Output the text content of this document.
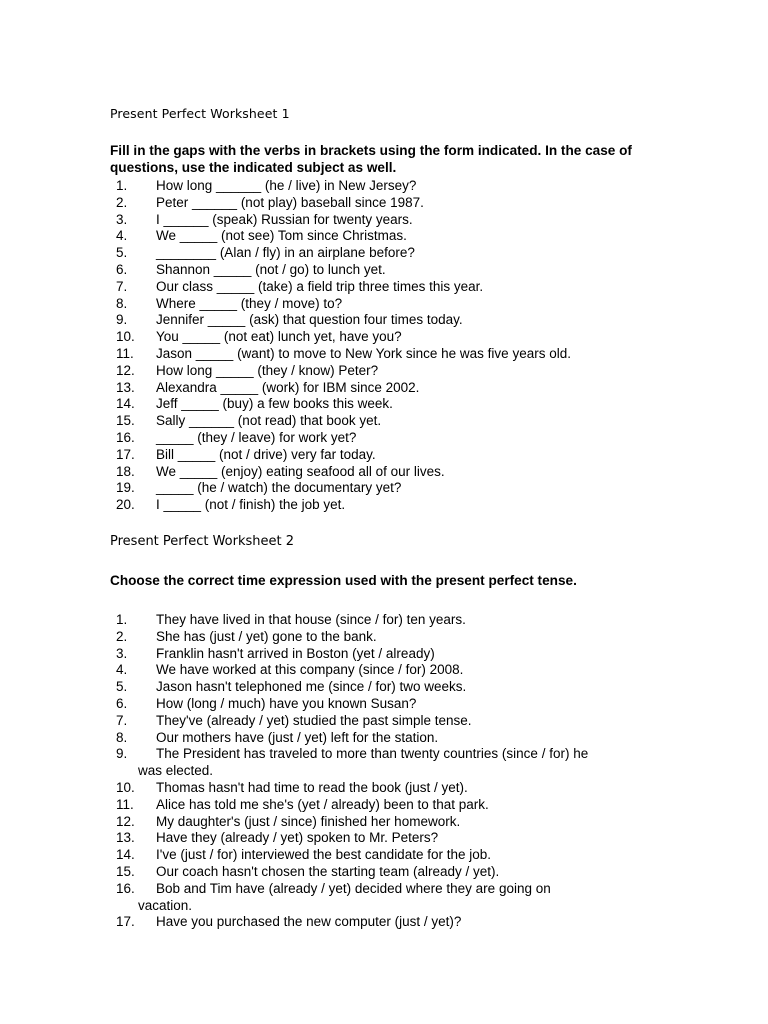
Present Perfect Worksheet 1
Fill in the gaps with the verbs in brackets using the form indicated. In the case of questions, use the indicated subject as well.
1. How long ______ (he / live) in New Jersey?
2. Peter ______ (not play) baseball since 1987.
3. I ______ (speak) Russian for twenty years.
4. We _____ (not see) Tom since Christmas.
5. ________ (Alan / fly) in an airplane before?
6. Shannon _____ (not / go) to lunch yet.
7. Our class _____ (take) a field trip three times this year.
8. Where _____ (they / move) to?
9. Jennifer _____ (ask) that question four times today.
10. You _____ (not eat) lunch yet, have you?
11. Jason _____ (want) to move to New York since he was five years old.
12. How long _____ (they / know) Peter?
13. Alexandra _____ (work) for IBM since 2002.
14. Jeff _____ (buy) a few books this week.
15. Sally ______ (not read) that book yet.
16. _____ (they / leave) for work yet?
17. Bill _____ (not / drive) very far today.
18. We _____ (enjoy) eating seafood all of our lives.
19. _____ (he / watch) the documentary yet?
20. I _____ (not / finish) the job yet.
Present Perfect Worksheet 2
Choose the correct time expression used with the present perfect tense.
1. They have lived in that house (since / for) ten years.
2. She has (just / yet) gone to the bank.
3. Franklin hasn't arrived in Boston (yet / already)
4. We have worked at this company (since / for) 2008.
5. Jason hasn't telephoned me (since / for) two weeks.
6. How (long / much) have you known Susan?
7. They've (already / yet) studied the past simple tense.
8. Our mothers have (just / yet) left for the station.
9. The President has traveled to more than twenty countries (since / for) he
was elected.
10. Thomas hasn't had time to read the book (just / yet).
11. Alice has told me she's (yet / already) been to that park.
12. My daughter's (just / since) finished her homework.
13. Have they (already / yet) spoken to Mr. Peters?
14. I've (just / for) interviewed the best candidate for the job.
15. Our coach hasn't chosen the starting team (already / yet).
16. Bob and Tim have (already / yet) decided where they are going on
vacation.
17. Have you purchased the new computer (just / yet)?
